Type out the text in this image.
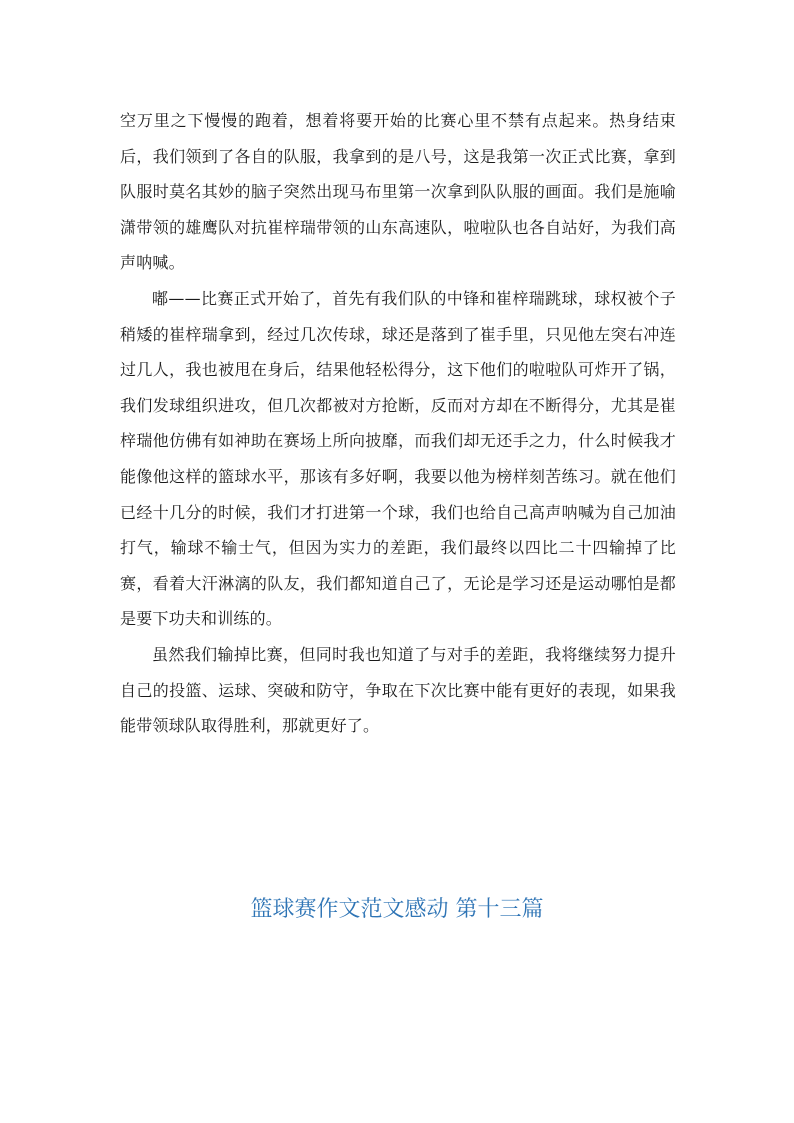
空万里之下慢慢的跑着，想着将要开始的比赛心里不禁有点起来。热身结束后，我们领到了各自的队服，我拿到的是八号，这是我第一次正式比赛，拿到队服时莫名其妙的脑子突然出现马布里第一次拿到队队服的画面。我们是施喻潇带领的雄鹰队对抗崔梓瑞带领的山东高速队，啦啦队也各自站好，为我们高声呐喊。

嘟——比赛正式开始了，首先有我们队的中锋和崔梓瑞跳球，球权被个子稍矮的崔梓瑞拿到，经过几次传球，球还是落到了崔手里，只见他左突右冲连过几人，我也被甩在身后，结果他轻松得分，这下他们的啦啦队可炸开了锅，我们发球组织进攻，但几次都被对方抢断，反而对方却在不断得分，尤其是崔梓瑞他仿佛有如神助在赛场上所向披靡，而我们却无还手之力，什么时候我才能像他这样的篮球水平，那该有多好啊，我要以他为榜样刻苦练习。就在他们已经十几分的时候，我们才打进第一个球，我们也给自己高声呐喊为自己加油打气，输球不输士气，但因为实力的差距，我们最终以四比二十四输掉了比赛，看着大汗淋漓的队友，我们都知道自己了，无论是学习还是运动哪怕是都是要下功夫和训练的。

虽然我们输掉比赛，但同时我也知道了与对手的差距，我将继续努力提升自己的投篮、运球、突破和防守，争取在下次比赛中能有更好的表现，如果我能带领球队取得胜利，那就更好了。

篮球赛作文范文感动 第十三篇
